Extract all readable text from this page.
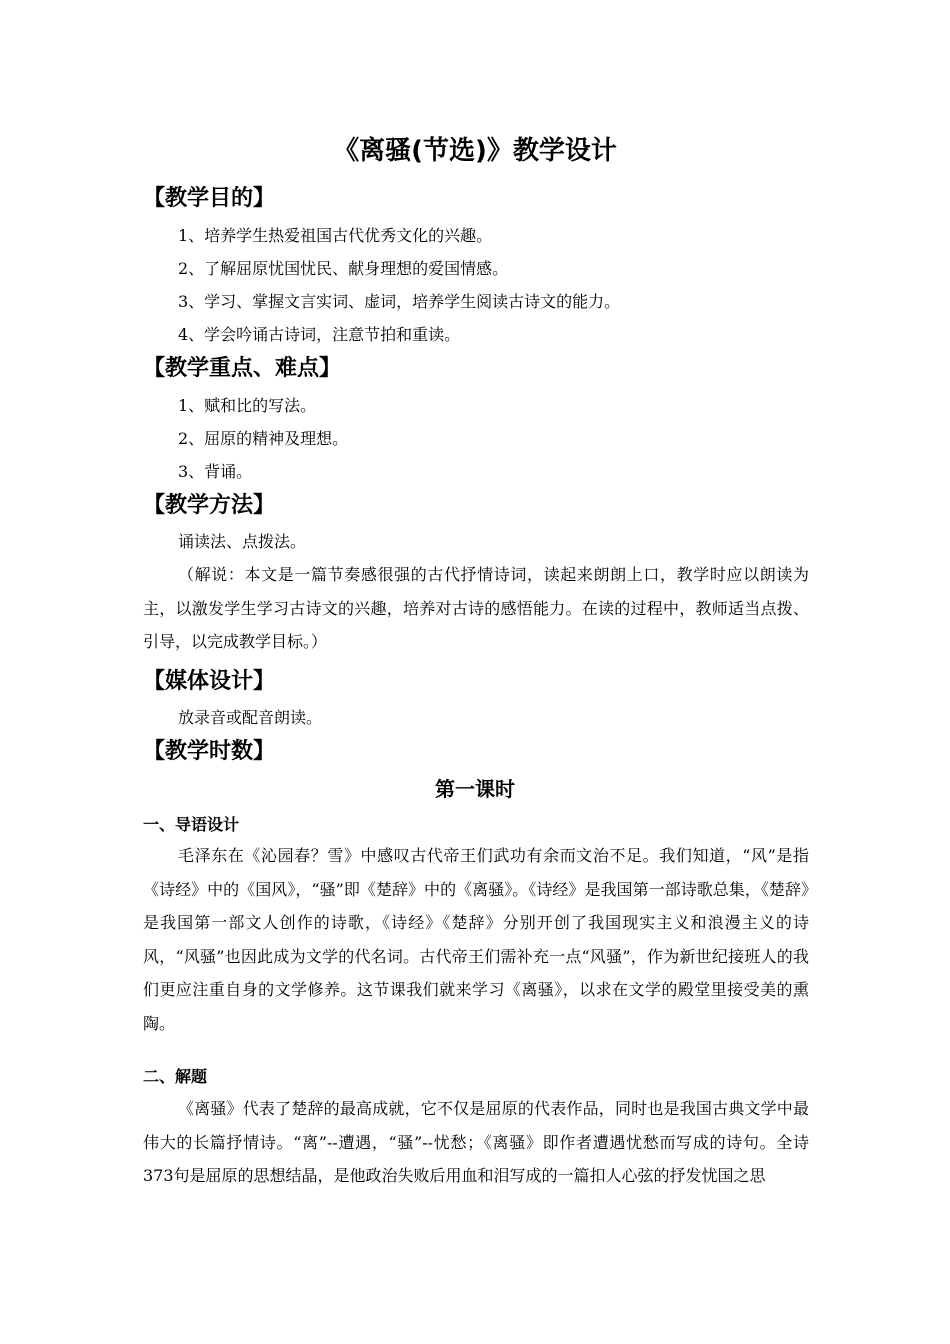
《离骚(节选)》教学设计
【教学目的】
1、培养学生热爱祖国古代优秀文化的兴趣。
2、了解屈原忧国忧民、献身理想的爱国情感。
3、学习、掌握文言实词、虚词，培养学生阅读古诗文的能力。
4、学会吟诵古诗词，注意节拍和重读。
【教学重点、难点】
1、赋和比的写法。
2、屈原的精神及理想。
3、背诵。
【教学方法】
诵读法、点拨法。

（解说：本文是一篇节奏感很强的古代抒情诗词，读起来朗朗上口，教学时应以朗读为主，以激发学生学习古诗文的兴趣，培养对古诗的感悟能力。在读的过程中，教师适当点拨、引导，以完成教学目标。）

【媒体设计】
放录音或配音朗读。
【教学时数】
第一课时
一、导语设计

毛泽东在《沁园春？雪》中感叹古代帝王们武功有余而文治不足。我们知道，“风”是指《诗经》中的《国风》，“骚”即《楚辞》中的《离骚》。《诗经》是我国第一部诗歌总集，《楚辞》是我国第一部文人创作的诗歌，《诗经》《楚辞》分别开创了我国现实主义和浪漫主义的诗风，“风骚”也因此成为文学的代名词。古代帝王们需补充一点“风骚”，作为新世纪接班人的我们更应注重自身的文学修养。这节课我们就来学习《离骚》，以求在文学的殿堂里接受美的熏陶。

二、解题

《离骚》代表了楚辞的最高成就，它不仅是屈原的代表作品，同时也是我国古典文学中最伟大的长篇抒情诗。“离”--遭遇，“骚”--忧愁；《离骚》即作者遭遇忧愁而写成的诗句。全诗373句是屈原的思想结晶，是他政治失败后用血和泪写成的一篇扣人心弦的抒发忧国之思
